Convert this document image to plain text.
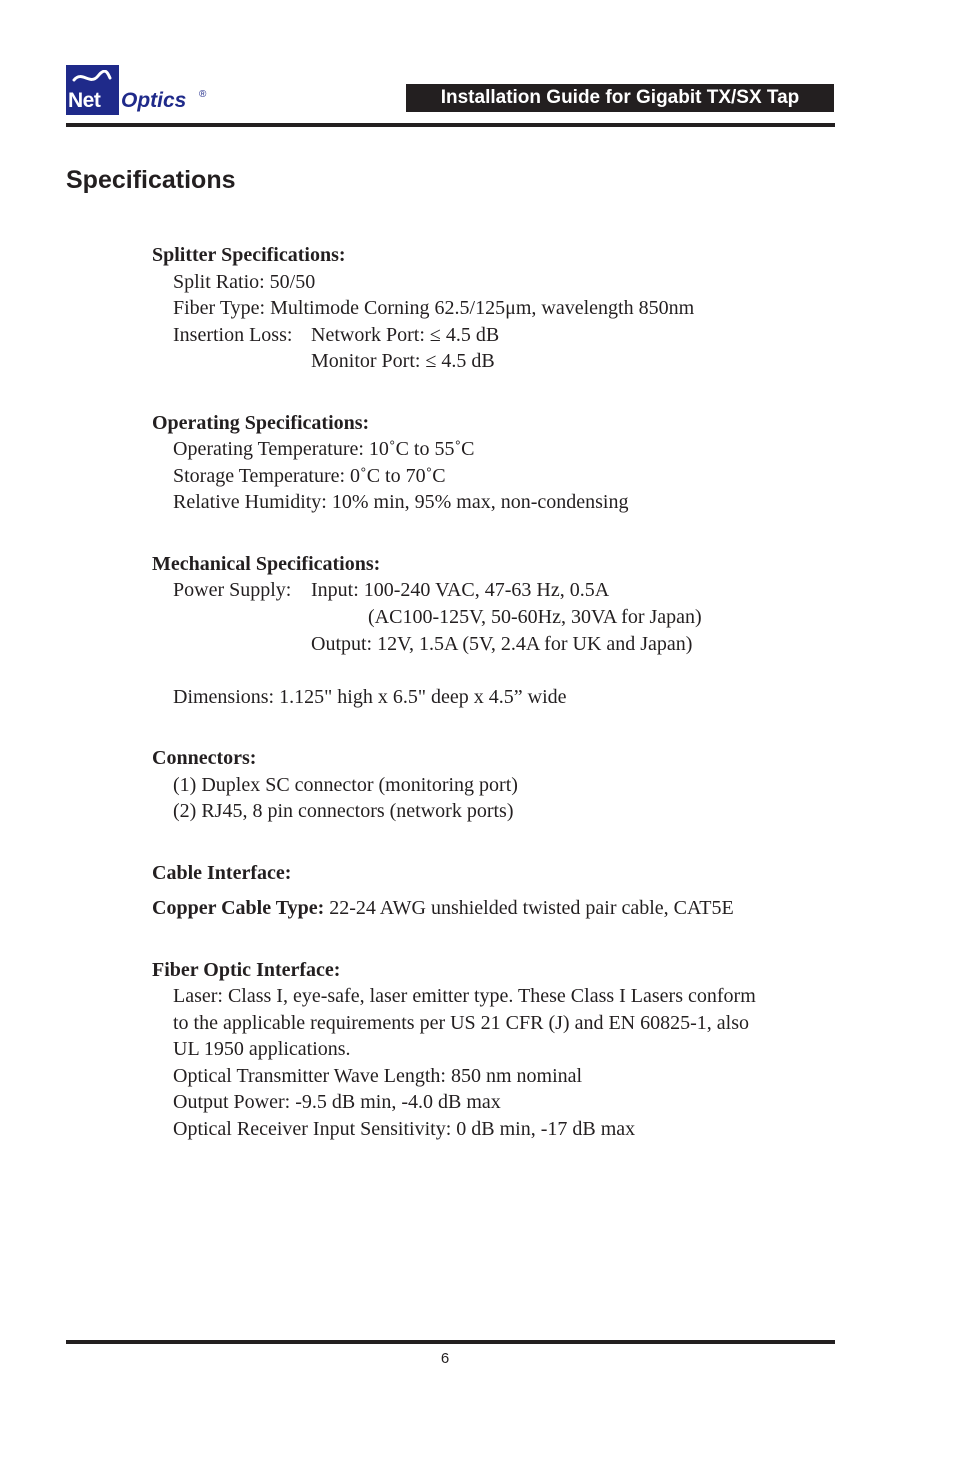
Net Optics ®	Installation Guide for Gigabit TX/SX Tap
Specifications
Splitter Specifications:
Split Ratio: 50/50
Fiber Type: Multimode Corning 62.5/125μm, wavelength 850nm
Insertion Loss: Network Port: ≤ 4.5 dB
Monitor Port: ≤ 4.5 dB
Operating Specifications:
Operating Temperature: 10˚C to 55˚C
Storage Temperature: 0˚C to 70˚C
Relative Humidity: 10% min, 95% max, non-condensing
Mechanical Specifications:
Power Supply: Input: 100-240 VAC, 47-63 Hz, 0.5A
(AC100-125V, 50-60Hz, 30VA for Japan)
Output: 12V, 1.5A (5V, 2.4A for UK and Japan)
Dimensions: 1.125" high x 6.5" deep x 4.5” wide
Connectors:
(1) Duplex SC connector (monitoring port)
(2) RJ45, 8 pin connectors (network ports)
Cable Interface:
Copper Cable Type: 22-24 AWG unshielded twisted pair cable, CAT5E
Fiber Optic Interface:
Laser: Class I, eye-safe, laser emitter type. These Class I Lasers conform
to the applicable requirements per US 21 CFR (J) and EN 60825-1, also
UL 1950 applications.
Optical Transmitter Wave Length: 850 nm nominal
Output Power: -9.5 dB min, -4.0 dB max
Optical Receiver Input Sensitivity: 0 dB min, -17 dB max
6
